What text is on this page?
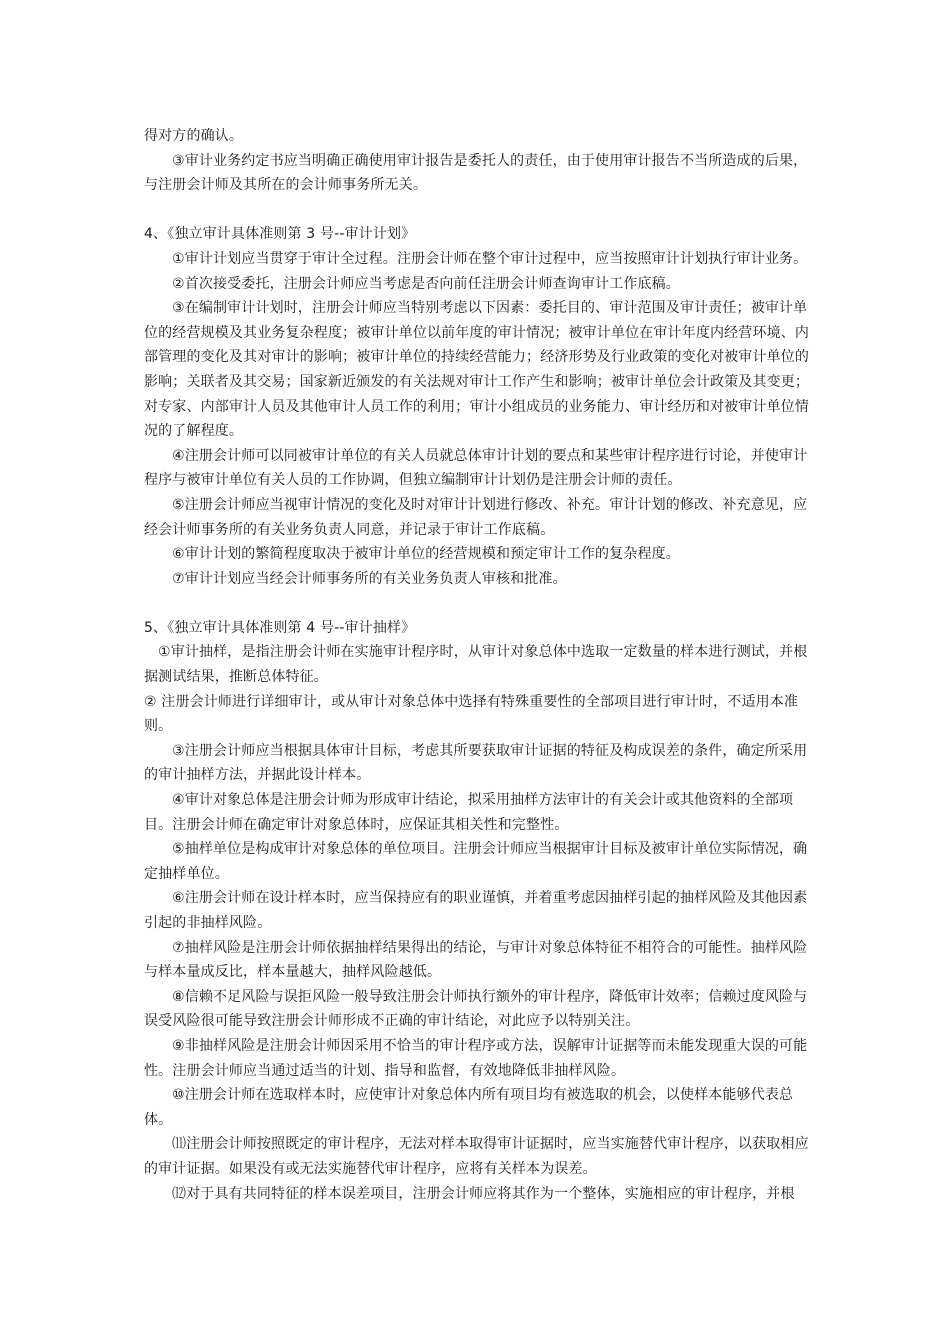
得对方的确认。

③审计业务约定书应当明确正确使用审计报告是委托人的责任，由于使用审计报告不当所造成的后果，与注册会计师及其所在的会计师事务所无关。

4、《独立审计具体准则第 3 号--审计计划》

①审计计划应当贯穿于审计全过程。注册会计师在整个审计过程中，应当按照审计计划执行审计业务。

②首次接受委托，注册会计师应当考虑是否向前任注册会计师查询审计工作底稿。

③在编制审计计划时，注册会计师应当特别考虑以下因素：委托目的、审计范围及审计责任；被审计单位的经营规模及其业务复杂程度；被审计单位以前年度的审计情况；被审计单位在审计年度内经营环境、内部管理的变化及其对审计的影响；被审计单位的持续经营能力；经济形势及行业政策的变化对被审计单位的影响；关联者及其交易；国家新近颁发的有关法规对审计工作产生和影响；被审计单位会计政策及其变更；对专家、内部审计人员及其他审计人员工作的利用；审计小组成员的业务能力、审计经历和对被审计单位情况的了解程度。

④注册会计师可以同被审计单位的有关人员就总体审计计划的要点和某些审计程序进行讨论，并使审计程序与被审计单位有关人员的工作协调，但独立编制审计计划仍是注册会计师的责任。

⑤注册会计师应当视审计情况的变化及时对审计计划进行修改、补充。审计计划的修改、补充意见，应经会计师事务所的有关业务负责人同意，并记录于审计工作底稿。

⑥审计计划的繁简程度取决于被审计单位的经营规模和预定审计工作的复杂程度。

⑦审计计划应当经会计师事务所的有关业务负责人审核和批准。

5、《独立审计具体准则第 4 号--审计抽样》

①审计抽样，是指注册会计师在实施审计程序时，从审计对象总体中选取一定数量的样本进行测试，并根据测试结果，推断总体特征。

② 注册会计师进行详细审计，或从审计对象总体中选择有特殊重要性的全部项目进行审计时，不适用本准则。

③注册会计师应当根据具体审计目标，考虑其所要获取审计证据的特征及构成误差的条件，确定所采用的审计抽样方法，并据此设计样本。

④审计对象总体是注册会计师为形成审计结论，拟采用抽样方法审计的有关会计或其他资料的全部项目。注册会计师在确定审计对象总体时，应保证其相关性和完整性。

⑤抽样单位是构成审计对象总体的单位项目。注册会计师应当根据审计目标及被审计单位实际情况，确定抽样单位。

⑥注册会计师在设计样本时，应当保持应有的职业谨慎，并着重考虑因抽样引起的抽样风险及其他因素引起的非抽样风险。

⑦抽样风险是注册会计师依据抽样结果得出的结论，与审计对象总体特征不相符合的可能性。抽样风险与样本量成反比，样本量越大，抽样风险越低。

⑧信赖不足风险与误拒风险一般导致注册会计师执行额外的审计程序，降低审计效率；信赖过度风险与误受风险很可能导致注册会计师形成不正确的审计结论，对此应予以特别关注。

⑨非抽样风险是注册会计师因采用不恰当的审计程序或方法，误解审计证据等而未能发现重大误的可能性。注册会计师应当通过适当的计划、指导和监督，有效地降低非抽样风险。

⑩注册会计师在选取样本时，应使审计对象总体内所有项目均有被选取的机会，以使样本能够代表总体。

⑾注册会计师按照既定的审计程序，无法对样本取得审计证据时，应当实施替代审计程序，以获取相应的审计证据。如果没有或无法实施替代审计程序，应将有关样本为误差。

⑿对于具有共同特征的样本误差项目，注册会计师应将其作为一个整体，实施相应的审计程序，并根
